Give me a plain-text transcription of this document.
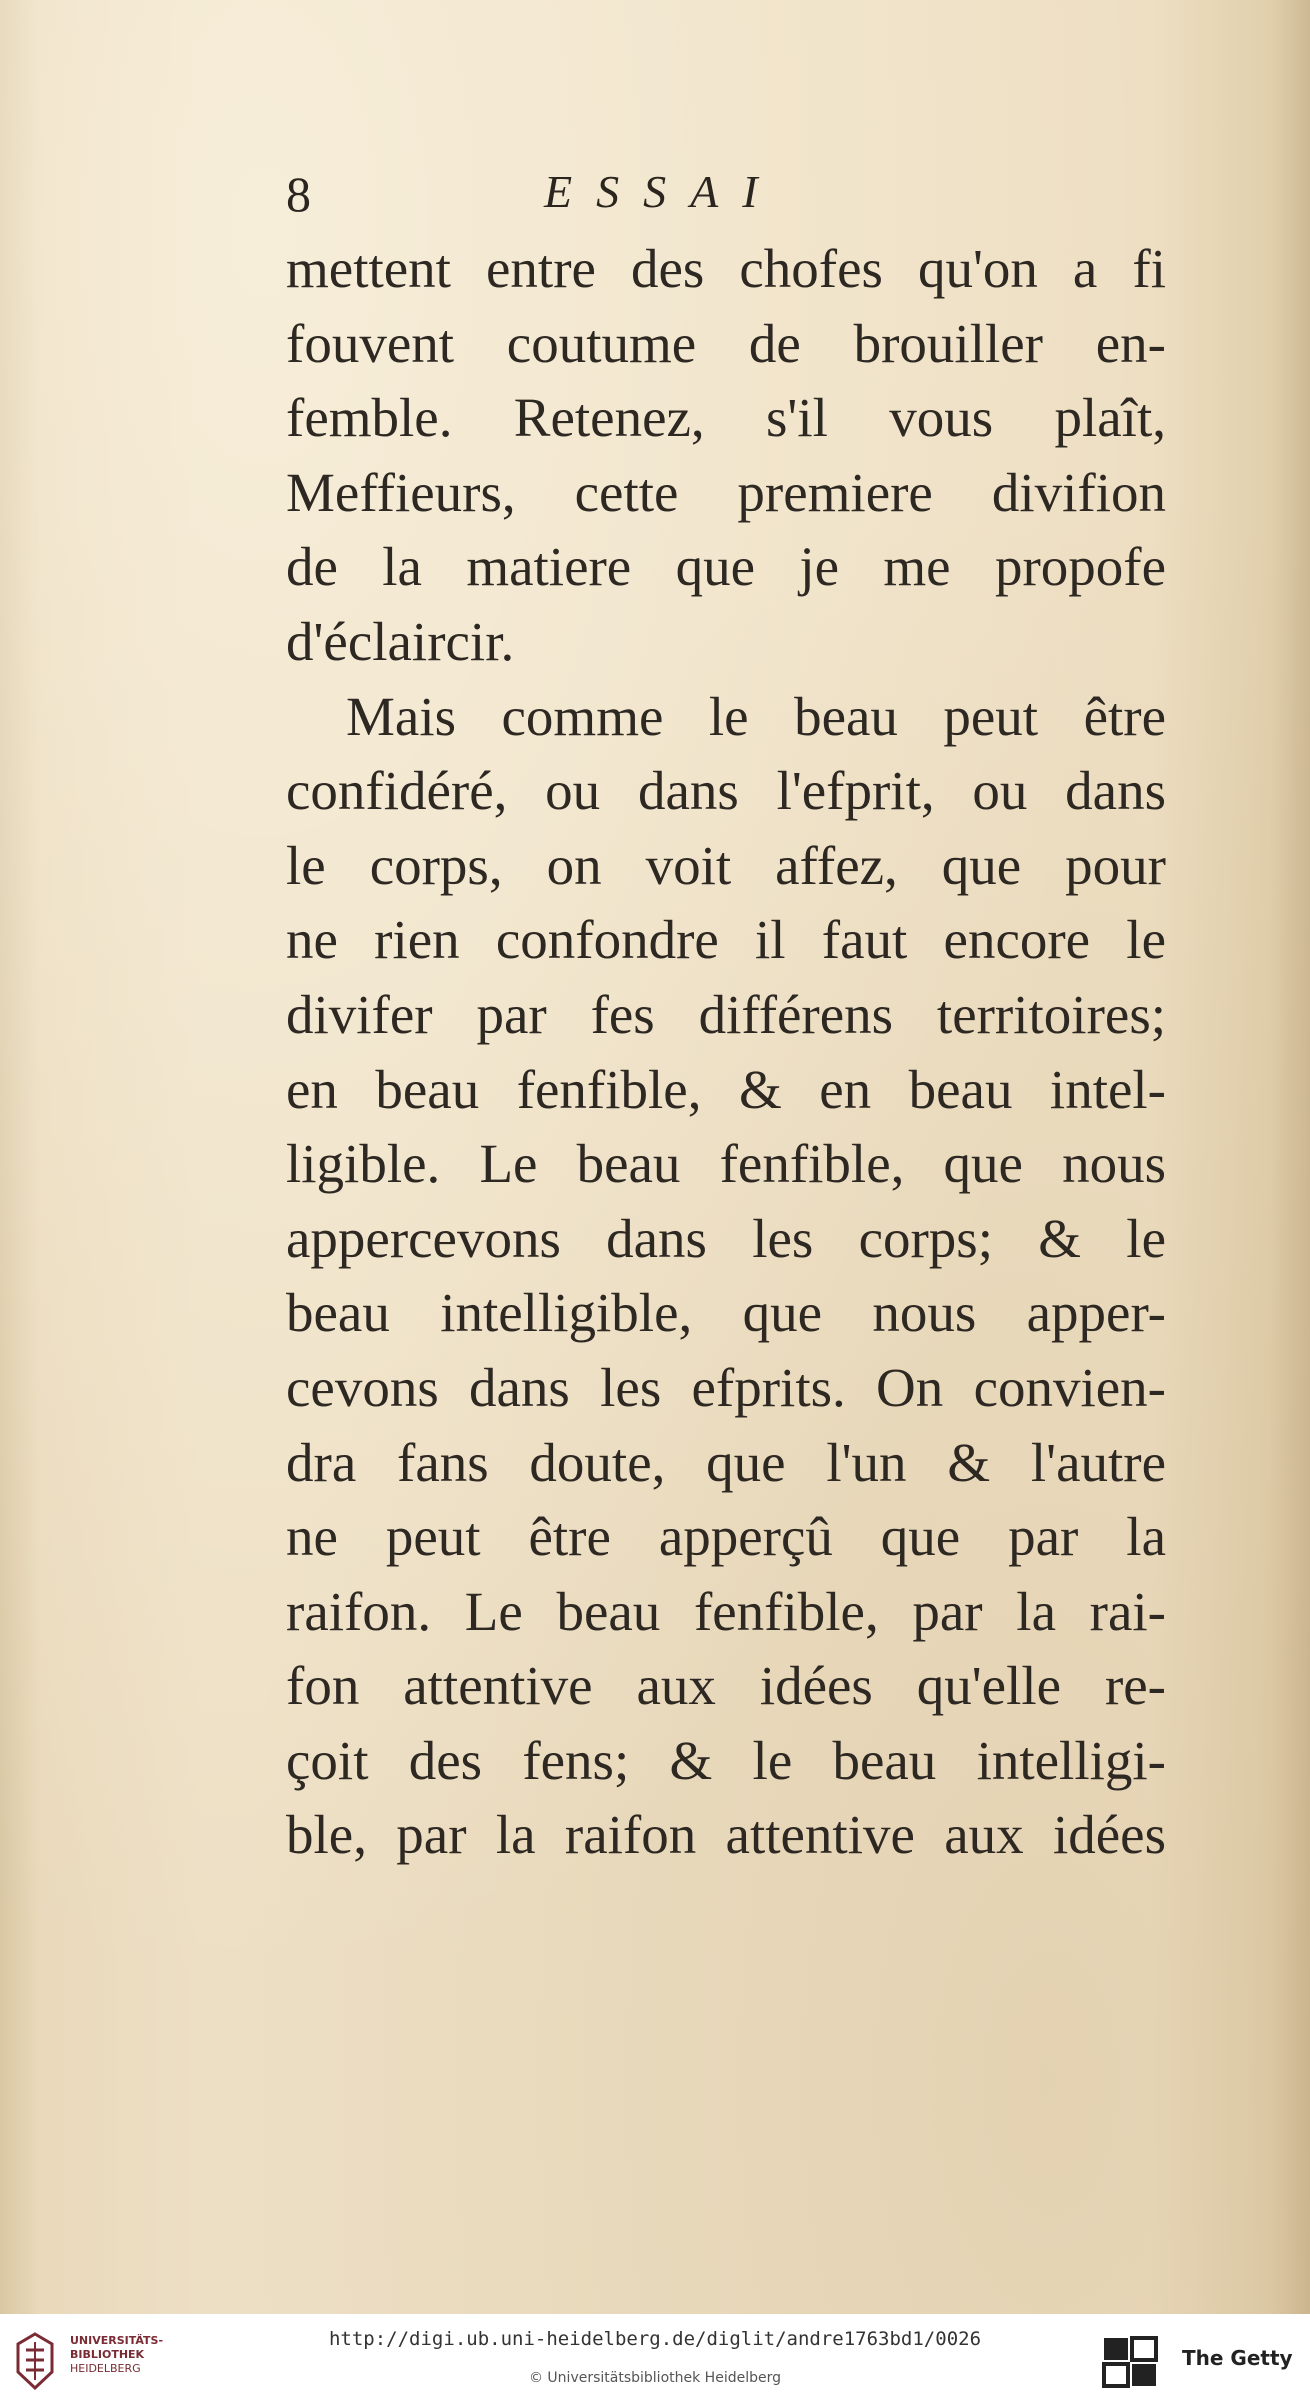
8	ESSAI
mettent entre des chofes qu'on a fi
fouvent coutume de brouiller en-
femble. Retenez, s'il vous plaît,
Meffieurs, cette premiere divifion
de la matiere que je me propofe
d'éclaircir.
Mais comme le beau peut être
confidéré, ou dans l'efprit, ou dans
le corps, on voit affez, que pour
ne rien confondre il faut encore le
divifer par fes différens territoires;
en beau fenfible, & en beau intel-
ligible. Le beau fenfible, que nous
appercevons dans les corps; & le
beau intelligible, que nous apper-
cevons dans les efprits. On convien-
dra fans doute, que l'un & l'autre
ne peut être apperçû que par la
raifon. Le beau fenfible, par la rai-
fon attentive aux idées qu'elle re-
çoit des fens; & le beau intelligi-
ble, par la raifon attentive aux idées
UNIVERSITÄTS-
BIBLIOTHEK
HEIDELBERG
http://digi.ub.uni-heidelberg.de/diglit/andre1763bd1/0026
© Universitätsbibliothek Heidelberg
The Getty
